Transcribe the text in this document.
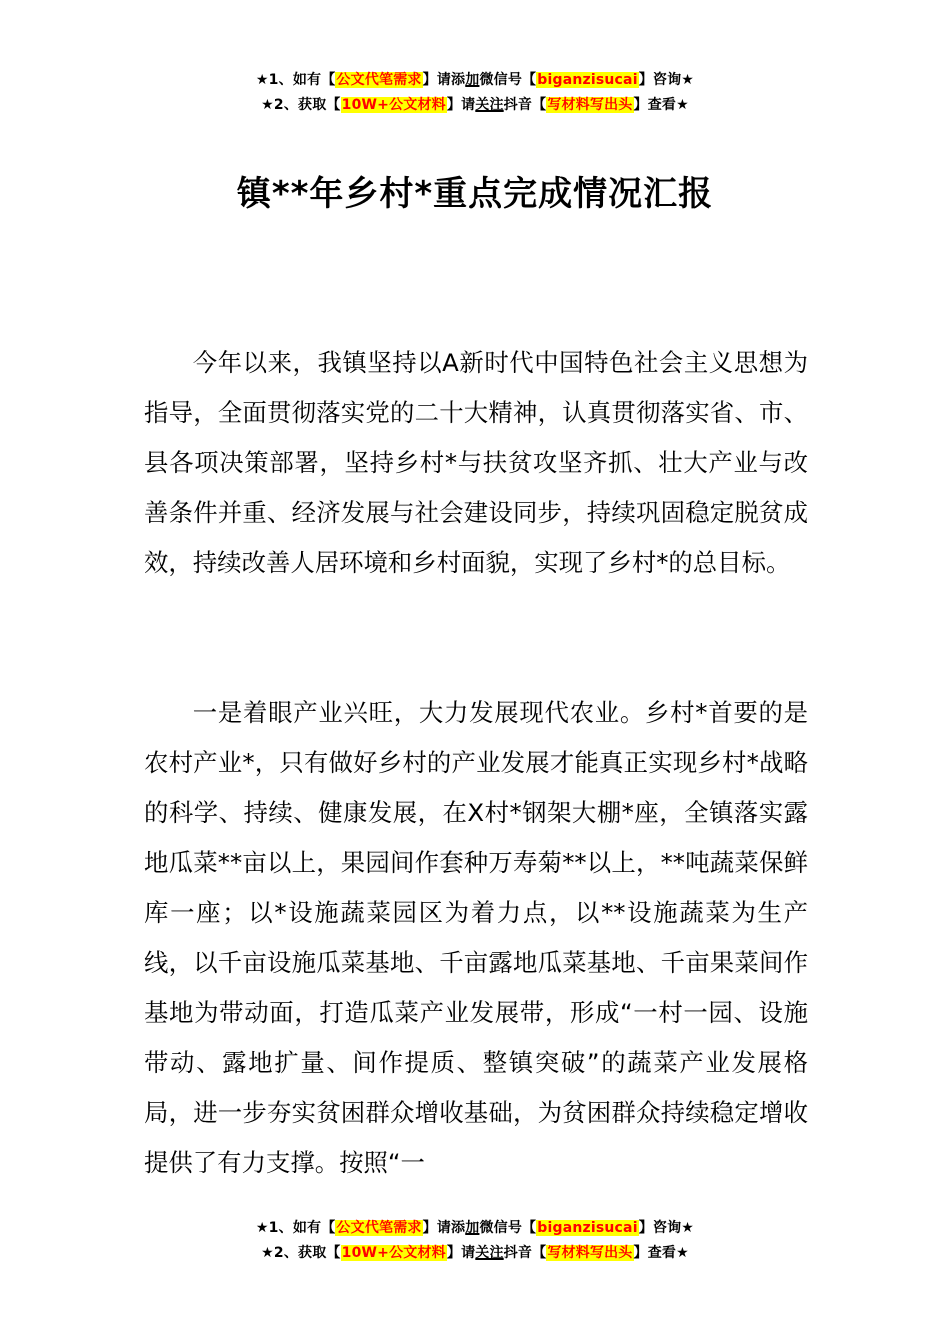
★1、如有【公文代笔需求】请添加微信号【biganzisucai】咨询★
★2、获取【10W+公文材料】请关注抖音【写材料写出头】查看★
镇**年乡村*重点完成情况汇报

今年以来，我镇坚持以A新时代中国特色社会主义思想为指导，全面贯彻落实党的二十大精神，认真贯彻落实省、市、县各项决策部署，坚持乡村*与扶贫攻坚齐抓、壮大产业与改善条件并重、经济发展与社会建设同步，持续巩固稳定脱贫成效，持续改善人居环境和乡村面貌，实现了乡村*的总目标。

一是着眼产业兴旺，大力发展现代农业。乡村*首要的是农村产业*，只有做好乡村的产业发展才能真正实现乡村*战略的科学、持续、健康发展，在X村*钢架大棚*座，全镇落实露地瓜菜**亩以上，果园间作套种万寿菊**以上，**吨蔬菜保鲜库一座；以*设施蔬菜园区为着力点，以**设施蔬菜为生产线，以千亩设施瓜菜基地、千亩露地瓜菜基地、千亩果菜间作基地为带动面，打造瓜菜产业发展带，形成“一村一园、设施带动、露地扩量、间作提质、整镇突破”的蔬菜产业发展格局，进一步夯实贫困群众增收基础，为贫困群众持续稳定增收提供了有力支撑。按照“一

★1、如有【公文代笔需求】请添加微信号【biganzisucai】咨询★
★2、获取【10W+公文材料】请关注抖音【写材料写出头】查看★
